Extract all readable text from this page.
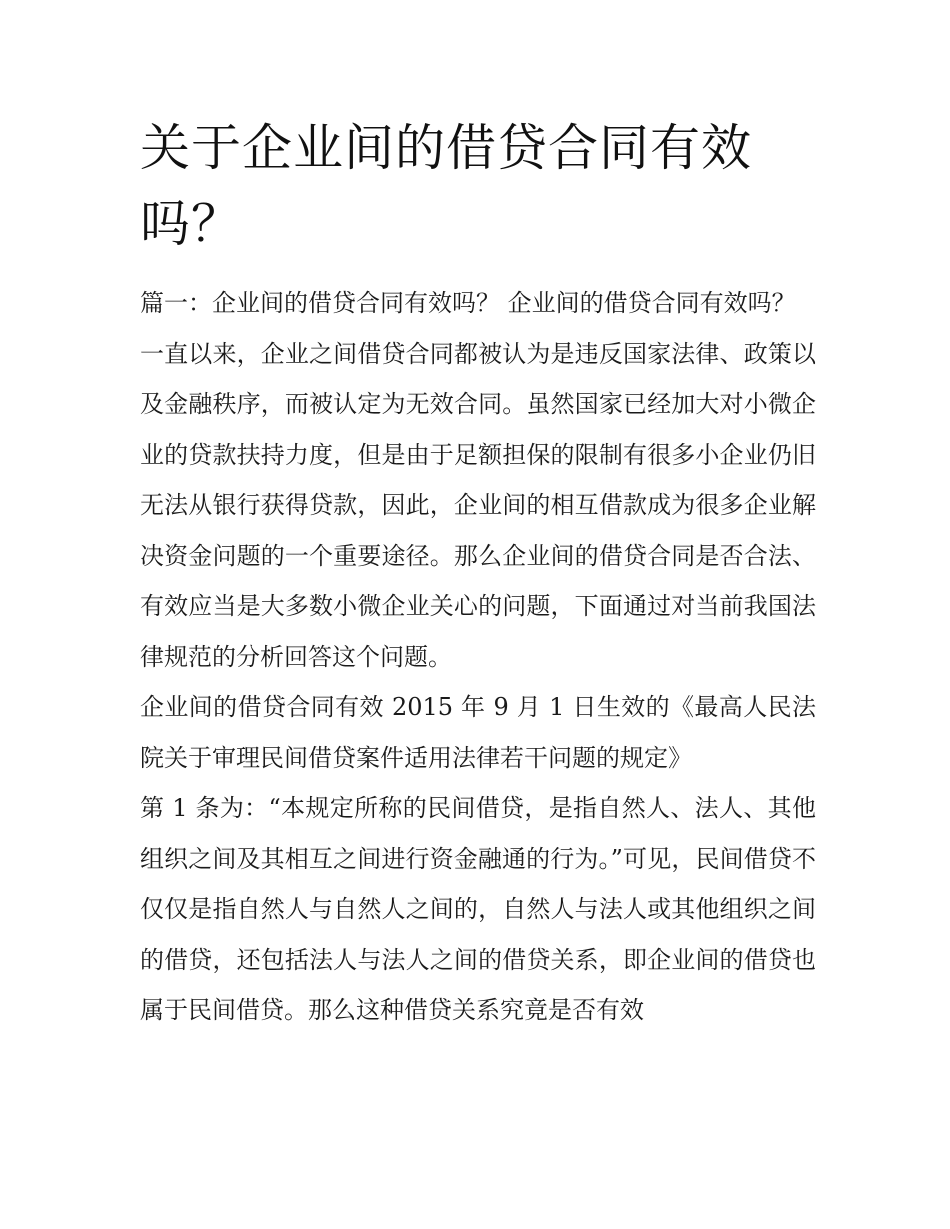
关于企业间的借贷合同有效吗？

篇一：企业间的借贷合同有效吗？ 企业间的借贷合同有效吗？

一直以来，企业之间借贷合同都被认为是违反国家法律、政策以及金融秩序，而被认定为无效合同。虽然国家已经加大对小微企业的贷款扶持力度，但是由于足额担保的限制有很多小企业仍旧无法从银行获得贷款，因此，企业间的相互借款成为很多企业解决资金问题的一个重要途径。那么企业间的借贷合同是否合法、有效应当是大多数小微企业关心的问题，下面通过对当前我国法律规范的分析回答这个问题。

企业间的借贷合同有效 2015 年 9 月 1 日生效的《最高人民法院关于审理民间借贷案件适用法律若干问题的规定》

第 1 条为：“本规定所称的民间借贷，是指自然人、法人、其他组织之间及其相互之间进行资金融通的行为。”可见，民间借贷不仅仅是指自然人与自然人之间的，自然人与法人或其他组织之间的借贷，还包括法人与法人之间的借贷关系，即企业间的借贷也属于民间借贷。那么这种借贷关系究竟是否有效
